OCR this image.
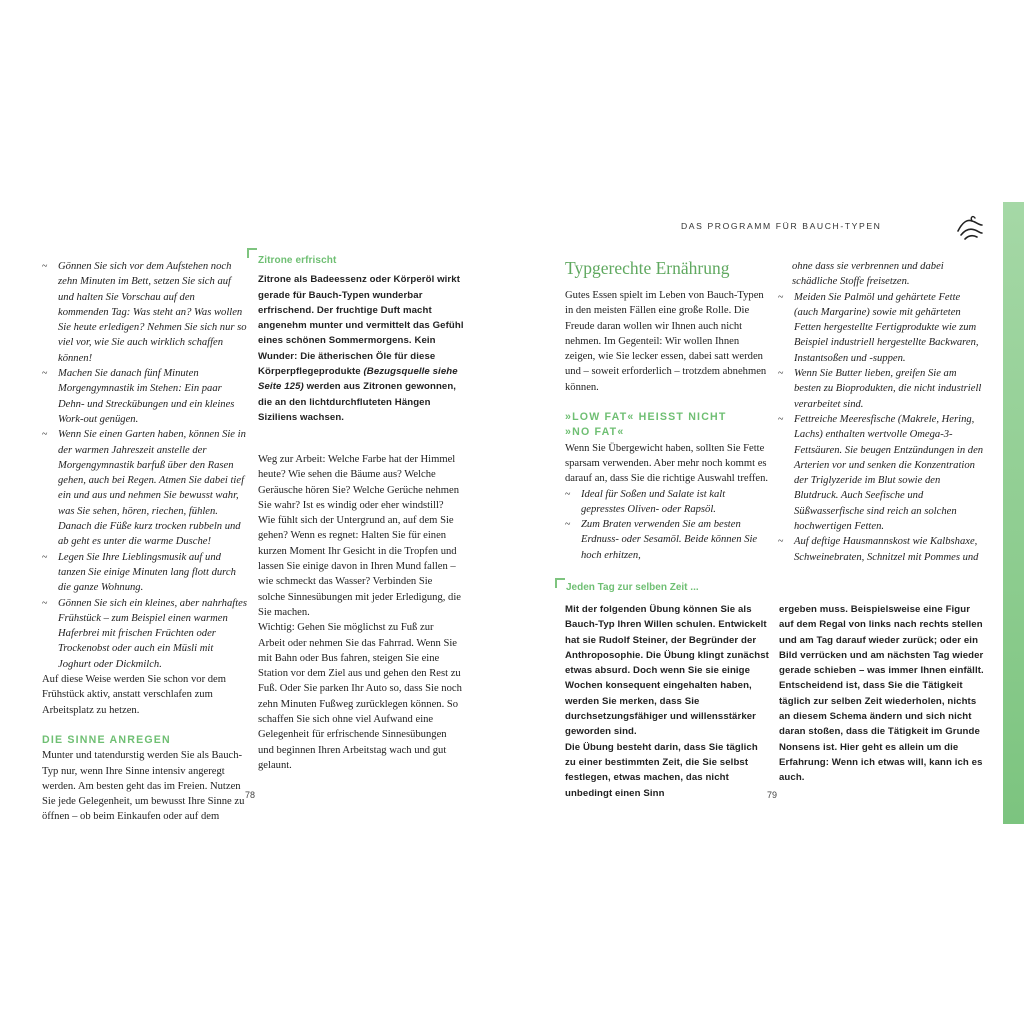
DAS PROGRAMM FÜR BAUCH-TYPEN
~ Gönnen Sie sich vor dem Aufstehen noch zehn Minuten im Bett, setzen Sie sich auf und halten Sie Vorschau auf den kommenden Tag: Was steht an? Was wollen Sie heute erledigen? Nehmen Sie sich nur so viel vor, wie Sie auch wirklich schaffen können!
~ Machen Sie danach fünf Minuten Morgengymnastik im Stehen: Ein paar Dehn- und Streckübungen und ein kleines Work-out genügen.
~ Wenn Sie einen Garten haben, können Sie in der warmen Jahreszeit anstelle der Morgengymnastik barfuß über den Rasen gehen, auch bei Regen. Atmen Sie dabei tief ein und aus und nehmen Sie bewusst wahr, was Sie sehen, hören, riechen, fühlen. Danach die Füße kurz trocken rubbeln und ab geht es unter die warme Dusche!
~ Legen Sie Ihre Lieblingsmusik auf und tanzen Sie einige Minuten lang flott durch die ganze Wohnung.
~ Gönnen Sie sich ein kleines, aber nahrhaftes Frühstück – zum Beispiel einen warmen Haferbrei mit frischen Früchten oder Trockenobst oder auch ein Müsli mit Joghurt oder Dickmilch.

Auf diese Weise werden Sie schon vor dem Frühstück aktiv, anstatt verschlafen zum Arbeitsplatz zu hetzen.

DIE SINNE ANREGEN

Munter und tatendurstig werden Sie als Bauch-Typ nur, wenn Ihre Sinne intensiv angeregt werden. Am besten geht das im Freien. Nutzen Sie jede Gelegenheit, um bewusst Ihre Sinne zu öffnen – ob beim Einkaufen oder auf dem

Zitrone erfrischt

Zitrone als Badeessenz oder Körperöl wirkt gerade für Bauch-Typen wunderbar erfrischend. Der fruchtige Duft macht angenehm munter und vermittelt das Gefühl eines schönen Sommermorgens. Kein Wunder: Die ätherischen Öle für diese Körperpflegeprodukte (Bezugsquelle siehe Seite 125) werden aus Zitronen gewonnen, die an den lichtdurchfluteten Hängen Siziliens wachsen.

Weg zur Arbeit: Welche Farbe hat der Himmel heute? Wie sehen die Bäume aus? Welche Geräusche hören Sie? Welche Gerüche nehmen Sie wahr? Ist es windig oder eher windstill? Wie fühlt sich der Untergrund an, auf dem Sie gehen? Wenn es regnet: Halten Sie für einen kurzen Moment Ihr Gesicht in die Tropfen und lassen Sie einige davon in Ihren Mund fallen – wie schmeckt das Wasser? Verbinden Sie solche Sinnesübungen mit jeder Erledigung, die Sie machen.

Wichtig: Gehen Sie möglichst zu Fuß zur Arbeit oder nehmen Sie das Fahrrad. Wenn Sie mit Bahn oder Bus fahren, steigen Sie eine Station vor dem Ziel aus und gehen den Rest zu Fuß. Oder Sie parken Ihr Auto so, dass Sie noch zehn Minuten Fußweg zurücklegen können. So schaffen Sie sich ohne viel Aufwand eine Gelegenheit für erfrischende Sinnesübungen und beginnen Ihren Arbeitstag wach und gut gelaunt.

78
Typgerechte Ernährung

Gutes Essen spielt im Leben von Bauch-Typen in den meisten Fällen eine große Rolle. Die Freude daran wollen wir Ihnen auch nicht nehmen. Im Gegenteil: Wir wollen Ihnen zeigen, wie Sie lecker essen, dabei satt werden und – soweit erforderlich – trotzdem abnehmen können.

»LOW FAT« HEISST NICHT
»NO FAT«

Wenn Sie Übergewicht haben, sollten Sie Fette sparsam verwenden. Aber mehr noch kommt es darauf an, dass Sie die richtige Auswahl treffen.

~ Ideal für Soßen und Salate ist kalt gepresstes Oliven- oder Rapsöl.
~ Zum Braten verwenden Sie am besten Erdnuss- oder Sesamöl. Beide können Sie hoch erhitzen,

ohne dass sie verbrennen und dabei schädliche Stoffe freisetzen.

~ Meiden Sie Palmöl und gehärtete Fette (auch Margarine) sowie mit gehärteten Fetten hergestellte Fertigprodukte wie zum Beispiel industriell hergestellte Backwaren, Instantsoßen und -suppen.
~ Wenn Sie Butter lieben, greifen Sie am besten zu Bioprodukten, die nicht industriell verarbeitet sind.
~ Fettreiche Meeresfische (Makrele, Hering, Lachs) enthalten wertvolle Omega-3-Fettsäuren. Sie beugen Entzündungen in den Arterien vor und senken die Konzentration der Triglyzeride im Blut sowie den Blutdruck. Auch Seefische und Süßwasserfische sind reich an solchen hochwertigen Fetten.
~ Auf deftige Hausmannskost wie Kalbshaxe, Schweinebraten, Schnitzel mit Pommes und
Jeden Tag zur selben Zeit ...

Mit der folgenden Übung können Sie als Bauch-Typ Ihren Willen schulen. Entwickelt hat sie Rudolf Steiner, der Begründer der Anthroposophie. Die Übung klingt zunächst etwas absurd. Doch wenn Sie sie einige Wochen konsequent eingehalten haben, werden Sie merken, dass Sie durchsetzungsfähiger und willensstärker geworden sind.

Die Übung besteht darin, dass Sie täglich zu einer bestimmten Zeit, die Sie selbst festlegen, etwas machen, das nicht unbedingt einen Sinn

ergeben muss. Beispielsweise eine Figur auf dem Regal von links nach rechts stellen und am Tag darauf wieder zurück; oder ein Bild verrücken und am nächsten Tag wieder gerade schieben – was immer Ihnen einfällt. Entscheidend ist, dass Sie die Tätigkeit täglich zur selben Zeit wiederholen, nichts an diesem Schema ändern und sich nicht daran stoßen, dass die Tätigkeit im Grunde Nonsens ist. Hier geht es allein um die Erfahrung: Wenn ich etwas will, kann ich es auch.

79
